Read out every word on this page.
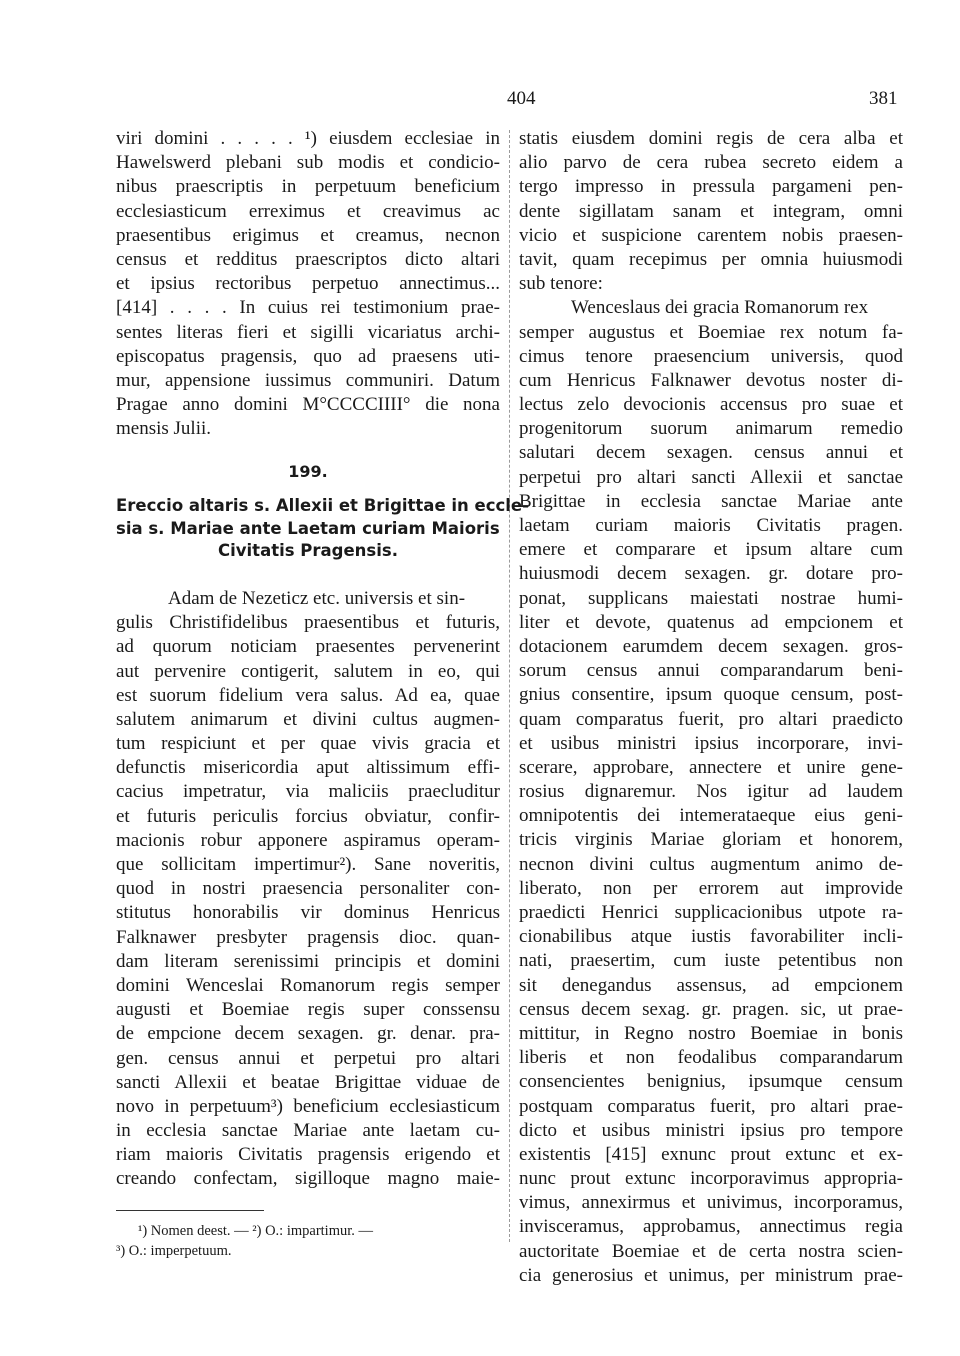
404	381
viri domini . . . . . ¹) eiusdem ecclesiae in
Hawelswerd plebani sub modis et condicio-
nibus praescriptis in perpetuum beneficium
ecclesiasticum erreximus et creavimus ac
praesentibus erigimus et creamus, necnon
census et redditus praescriptos dicto altari
et ipsius rectoribus perpetuo annectimus...
[414] . . . . In cuius rei testimonium prae-
sentes literas fieri et sigilli vicariatus archi-
episcopatus pragensis, quo ad praesens uti-
mur, appensione iussimus communiri. Datum
Pragae anno domini M°CCCCIIII° die nona
mensis Julii.
199.
Ereccio altaris s. Allexii et Brigittae in eccle-
sia s. Mariae ante Laetam curiam Maioris
Civitatis Pragensis.
Adam de Nezeticz etc. universis et sin-
gulis Christifidelibus praesentibus et futuris,
ad quorum noticiam praesentes pervenerint
aut pervenire contigerit, salutem in eo, qui
est suorum fidelium vera salus. Ad ea, quae
salutem animarum et divini cultus augmen-
tum respiciunt et per quae vivis gracia et
defunctis misericordia aput altissimum effi-
cacius impetratur, via maliciis praecluditur
et futuris periculis forcius obviatur, confir-
macionis robur apponere aspiramus operam-
que sollicitam impertimur²). Sane noveritis,
quod in nostri praesencia personaliter con-
stitutus honorabilis vir dominus Henricus
Falknawer presbyter pragensis dioc. quan-
dam literam serenissimi principis et domini
domini Wenceslai Romanorum regis semper
augusti et Boemiae regis super conssensu
de empcione decem sexagen. gr. denar. pra-
gen. census annui et perpetui pro altari
sancti Allexii et beatae Brigittae viduae de
novo in perpetuum³) beneficium ecclesiasticum
in ecclesia sanctae Mariae ante laetam cu-
riam maioris Civitatis pragensis erigendo et
creando confectam, sigilloque magno maie-
¹) Nomen deest. — ²) O.: impartimur. —
³) O.: imperpetuum.
statis eiusdem domini regis de cera alba et
alio parvo de cera rubea secreto eidem a
tergo impresso in pressula pargameni pen-
dente sigillatam sanam et integram, omni
vicio et suspicione carentem nobis praesen-
tavit, quam recepimus per omnia huiusmodi
sub tenore:
Wenceslaus dei gracia Romanorum rex
semper augustus et Boemiae rex notum fa-
cimus tenore praesencium universis, quod
cum Henricus Falknawer devotus noster di-
lectus zelo devocionis accensus pro suae et
progenitorum suorum animarum remedio
salutari decem sexagen. census annui et
perpetui pro altari sancti Allexii et sanctae
Brigittae in ecclesia sanctae Mariae ante
laetam curiam maioris Civitatis pragen.
emere et comparare et ipsum altare cum
huiusmodi decem sexagen. gr. dotare pro-
ponat, supplicans maiestati nostrae humi-
liter et devote, quatenus ad empcionem et
dotacionem earumdem decem sexagen. gros-
sorum census annui comparandarum beni-
gnius consentire, ipsum quoque censum, post-
quam comparatus fuerit, pro altari praedicto
et usibus ministri ipsius incorporare, invi-
scerare, approbare, annectere et unire gene-
rosius dignaremur. Nos igitur ad laudem
omnipotentis dei intemerataeque eius geni-
tricis virginis Mariae gloriam et honorem,
necnon divini cultus augmentum animo de-
liberato, non per errorem aut improvide
praedicti Henrici supplicacionibus utpote ra-
cionabilibus atque iustis favorabiliter incli-
nati, praesertim, cum iuste petentibus non
sit denegandus assensus, ad empcionem
census decem sexag. gr. pragen. sic, ut prae-
mittitur, in Regno nostro Boemiae in bonis
liberis et non feodalibus comparandarum
consencientes benignius, ipsumque censum
postquam comparatus fuerit, pro altari prae-
dicto et usibus ministri ipsius pro tempore
existentis [415] exnunc prout extunc et ex-
nunc prout extunc incorporavimus appropria-
vimus, annexirmus et univimus, incorporamus,
invisceramus, approbamus, annectimus regia
auctoritate Boemiae et de certa nostra scien-
cia generosius et unimus, per ministrum prae-
